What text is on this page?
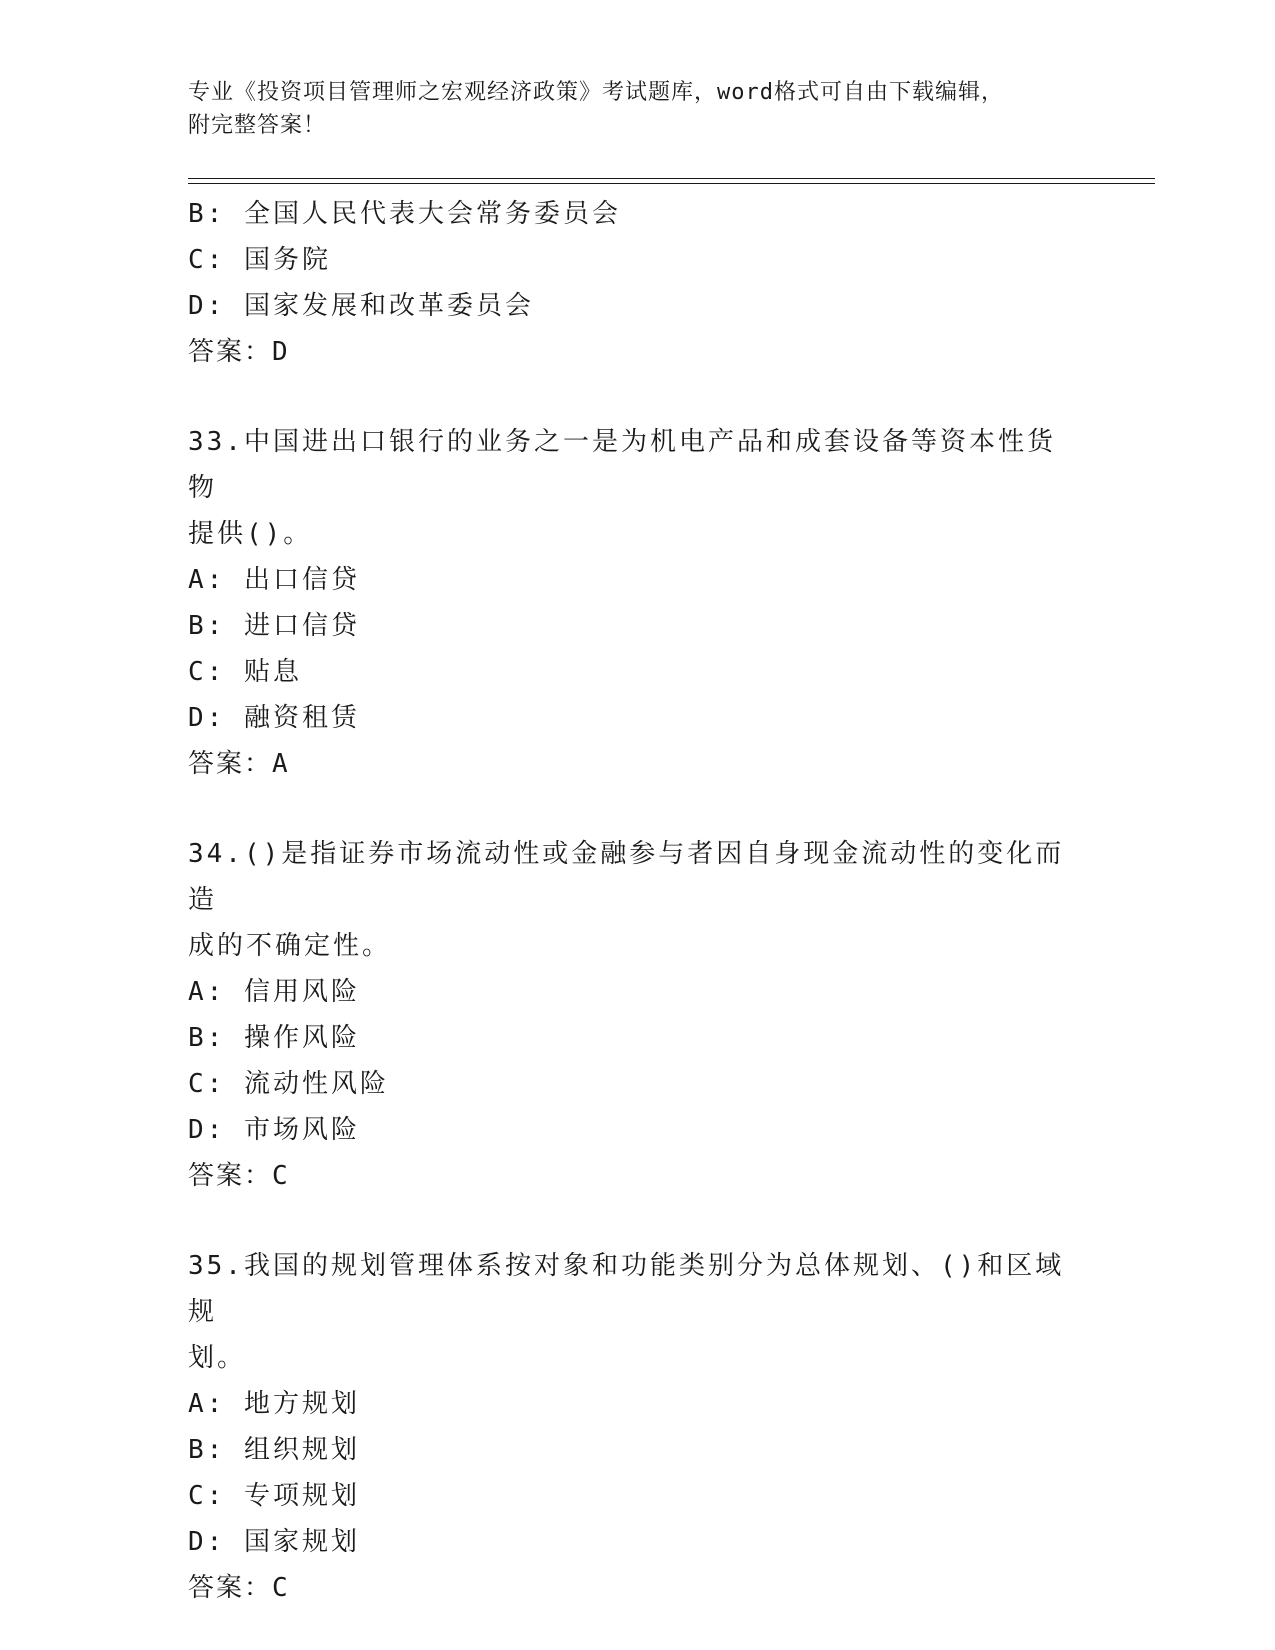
专业《投资项目管理师之宏观经济政策》考试题库，word格式可自由下载编辑，
附完整答案！
B: 全国人民代表大会常务委员会
C: 国务院
D: 国家发展和改革委员会
答案：D
33.中国进出口银行的业务之一是为机电产品和成套设备等资本性货物
提供()。
A: 出口信贷
B: 进口信贷
C: 贴息
D: 融资租赁
答案：A
34.()是指证券市场流动性或金融参与者因自身现金流动性的变化而造
成的不确定性。
A: 信用风险
B: 操作风险
C: 流动性风险
D: 市场风险
答案：C
35.我国的规划管理体系按对象和功能类别分为总体规划、()和区域规
划。
A: 地方规划
B: 组织规划
C: 专项规划
D: 国家规划
答案：C
